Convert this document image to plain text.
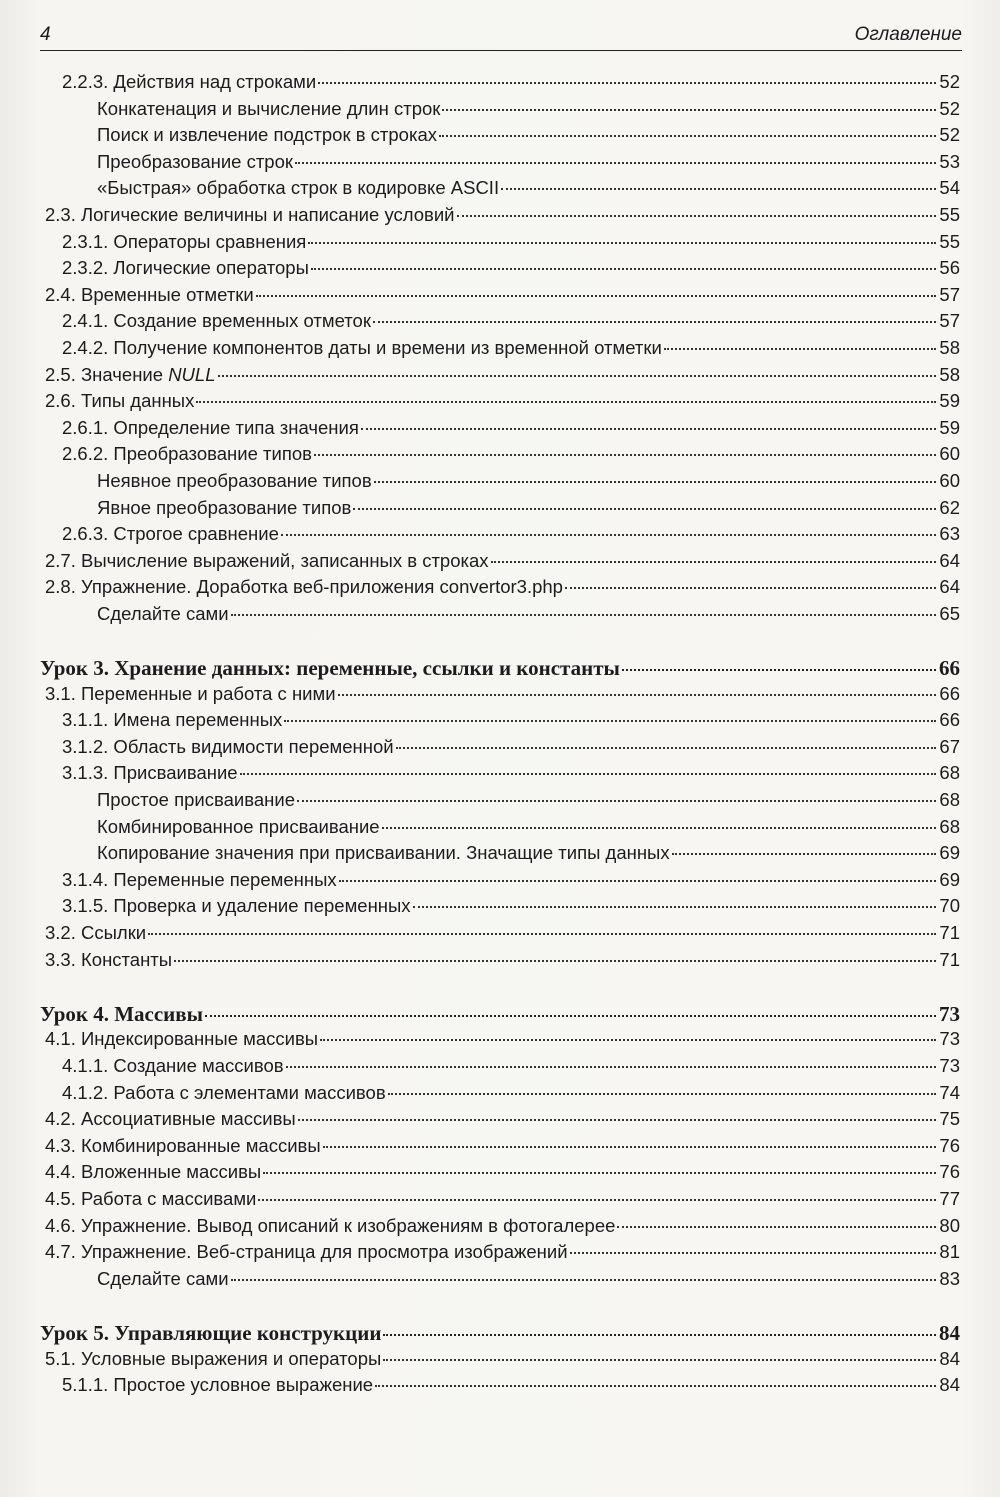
4	Оглавление
2.2.3. Действия над строками	52
Конкатенация и вычисление длин строк	52
Поиск и извлечение подстрок в строках	52
Преобразование строк	53
«Быстрая» обработка строк в кодировке ASCII	54
2.3. Логические величины и написание условий	55
2.3.1. Операторы сравнения	55
2.3.2. Логические операторы	56
2.4. Временные отметки	57
2.4.1. Создание временных отметок	57
2.4.2. Получение компонентов даты и времени из временной отметки	58
2.5. Значение NULL	58
2.6. Типы данных	59
2.6.1. Определение типа значения	59
2.6.2. Преобразование типов	60
Неявное преобразование типов	60
Явное преобразование типов	62
2.6.3. Строгое сравнение	63
2.7. Вычисление выражений, записанных в строках	64
2.8. Упражнение. Доработка веб-приложения convertor3.php	64
Сделайте сами	65
Урок 3. Хранение данных: переменные, ссылки и константы	66
3.1. Переменные и работа с ними	66
3.1.1. Имена переменных	66
3.1.2. Область видимости переменной	67
3.1.3. Присваивание	68
Простое присваивание	68
Комбинированное присваивание	68
Копирование значения при присваивании. Значащие типы данных	69
3.1.4. Переменные переменных	69
3.1.5. Проверка и удаление переменных	70
3.2. Ссылки	71
3.3. Константы	71
Урок 4. Массивы	73
4.1. Индексированные массивы	73
4.1.1. Создание массивов	73
4.1.2. Работа с элементами массивов	74
4.2. Ассоциативные массивы	75
4.3. Комбинированные массивы	76
4.4. Вложенные массивы	76
4.5. Работа с массивами	77
4.6. Упражнение. Вывод описаний к изображениям в фотогалерее	80
4.7. Упражнение. Веб-страница для просмотра изображений	81
Сделайте сами	83
Урок 5. Управляющие конструкции	84
5.1. Условные выражения и операторы	84
5.1.1. Простое условное выражение	84
